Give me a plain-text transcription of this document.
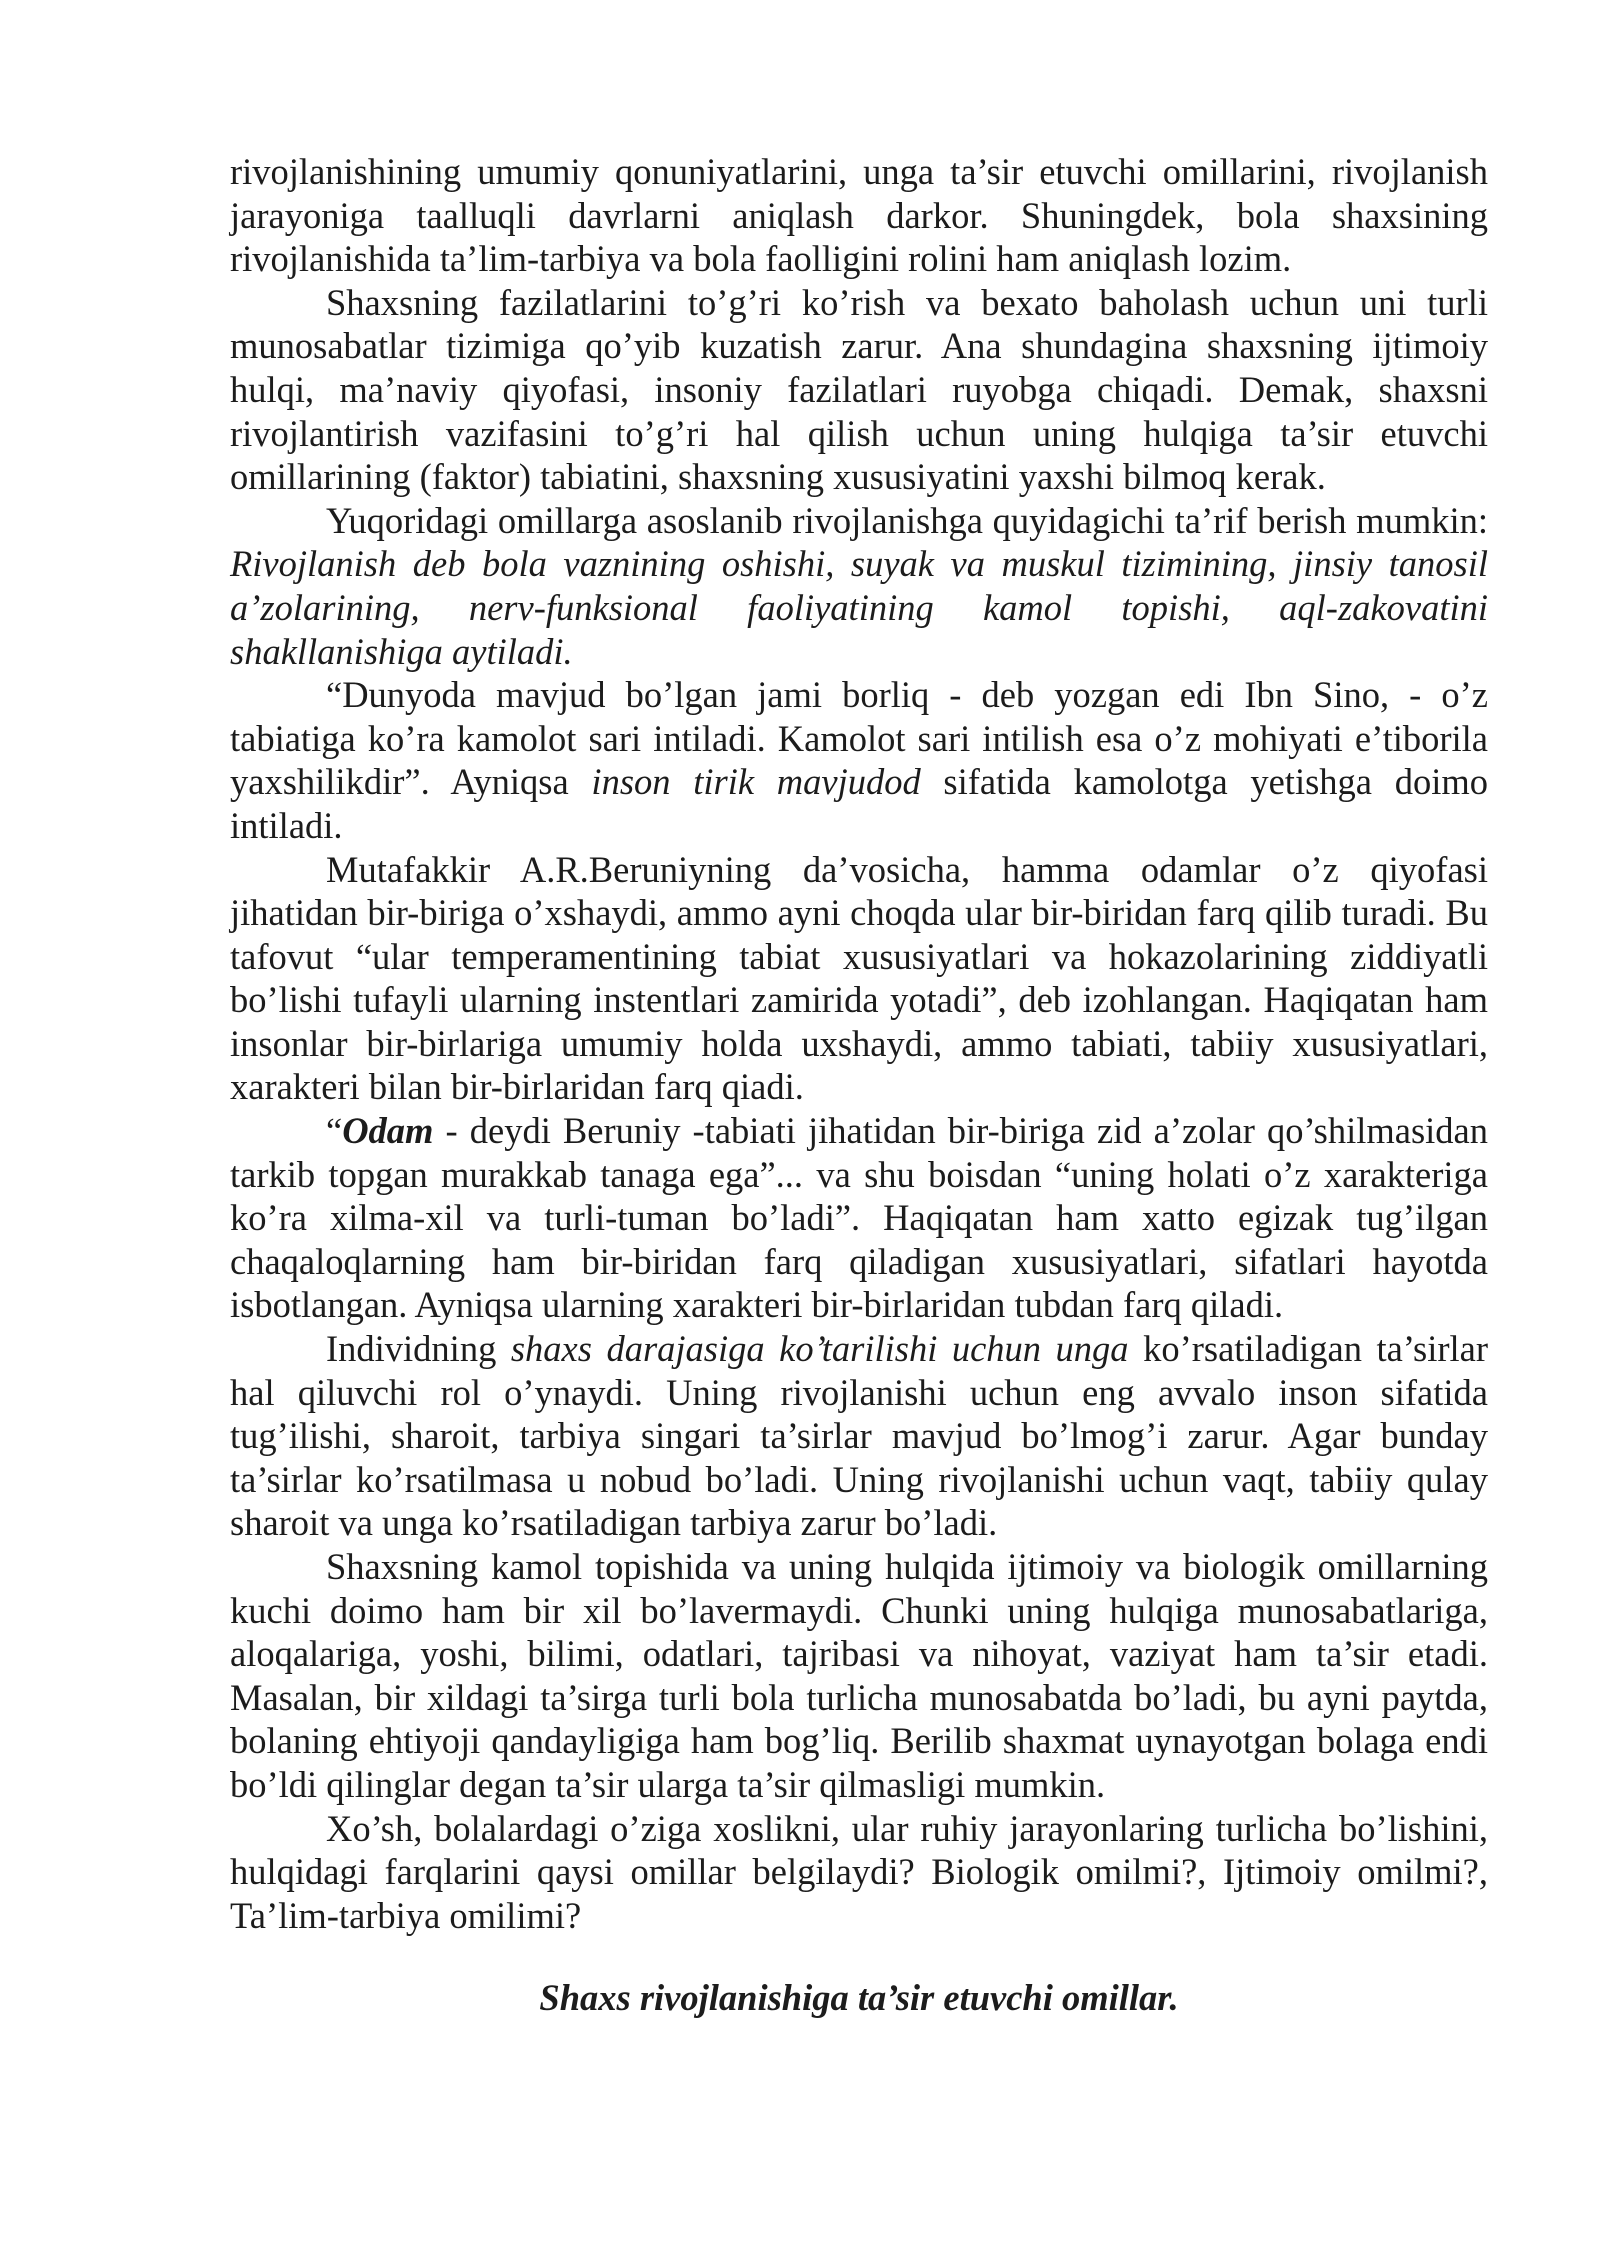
rivojlanishining umumiy qonuniyatlarini, unga ta’sir etuvchi omillarini, rivojlanish jarayoniga taalluqli davrlarni aniqlash darkor. Shuningdek, bola shaxsining rivojlanishida ta’lim-tarbiya va bola faolligini rolini ham aniqlash lozim.

Shaxsning fazilatlarini to’g’ri ko’rish va bexato baholash uchun uni turli munosabatlar tizimiga qo’yib kuzatish zarur. Ana shundagina shaxsning ijtimoiy hulqi, ma’naviy qiyofasi, insoniy fazilatlari ruyobga chiqadi. Demak, shaxsni rivojlantirish vazifasini to’g’ri hal qilish uchun uning hulqiga ta’sir etuvchi omillarining (faktor) tabiatini, shaxsning xususiyatini yaxshi bilmoq kerak.

Yuqoridagi omillarga asoslanib rivojlanishga quyidagichi ta’rif berish mumkin: Rivojlanish deb bola vaznining oshishi, suyak va muskul tizimining, jinsiy tanosil a’zolarining, nerv-funksional faoliyatining kamol topishi, aql-zakovatini shakllanishiga aytiladi.

“Dunyoda mavjud bo’lgan jami borliq - deb yozgan edi Ibn Sino, - o’z tabiatiga ko’ra kamolot sari intiladi. Kamolot sari intilish esa o’z mohiyati e’tiborila yaxshilikdir”. Ayniqsa inson tirik mavjudod sifatida kamolotga yetishga doimo intiladi.

Mutafakkir A.R.Beruniyning da’vosicha, hamma odamlar o’z qiyofasi jihatidan bir-biriga o’xshaydi, ammo ayni choqda ular bir-biridan farq qilib turadi. Bu tafovut “ular temperamentining tabiat xususiyatlari va hokazolarining ziddiyatli bo’lishi tufayli ularning instentlari zamirida yotadi”, deb izohlangan. Haqiqatan ham insonlar bir-birlariga umumiy holda uxshaydi, ammo tabiati, tabiiy xususiyatlari, xarakteri bilan bir-birlaridan farq qiadi.

“Odam - deydi Beruniy -tabiati jihatidan bir-biriga zid a’zolar qo’shilmasidan tarkib topgan murakkab tanaga ega”... va shu boisdan “uning holati o’z xarakteriga ko’ra xilma-xil va turli-tuman bo’ladi”. Haqiqatan ham xatto egizak tug’ilgan chaqaloqlarning ham bir-biridan farq qiladigan xususiyatlari, sifatlari hayotda isbotlangan. Ayniqsa ularning xarakteri bir-birlaridan tubdan farq qiladi.

Individning shaxs darajasiga ko’tarilishi uchun unga ko’rsatiladigan ta’sirlar hal qiluvchi rol o’ynaydi. Uning rivojlanishi uchun eng avvalo inson sifatida tug’ilishi, sharoit, tarbiya singari ta’sirlar mavjud bo’lmog’i zarur. Agar bunday ta’sirlar ko’rsatilmasa u nobud bo’ladi. Uning rivojlanishi uchun vaqt, tabiiy qulay sharoit va unga ko’rsatiladigan tarbiya zarur bo’ladi.

Shaxsning kamol topishida va uning hulqida ijtimoiy va biologik omillarning kuchi doimo ham bir xil bo’lavermaydi. Chunki uning hulqiga munosabatlariga, aloqalariga, yoshi, bilimi, odatlari, tajribasi va nihoyat, vaziyat ham ta’sir etadi. Masalan, bir xildagi ta’sirga turli bola turlicha munosabatda bo’ladi, bu ayni paytda, bolaning ehtiyoji qandayligiga ham bog’liq. Berilib shaxmat uynayotgan bolaga endi bo’ldi qilinglar degan ta’sir ularga ta’sir qilmasligi mumkin.

Xo’sh, bolalardagi o’ziga xoslikni, ular ruhiy jarayonlaring turlicha bo’lishini, hulqidagi farqlarini qaysi omillar belgilaydi? Biologik omilmi?, Ijtimoiy omilmi?, Ta’lim-tarbiya omilimi?

Shaxs rivojlanishiga ta’sir etuvchi omillar.
